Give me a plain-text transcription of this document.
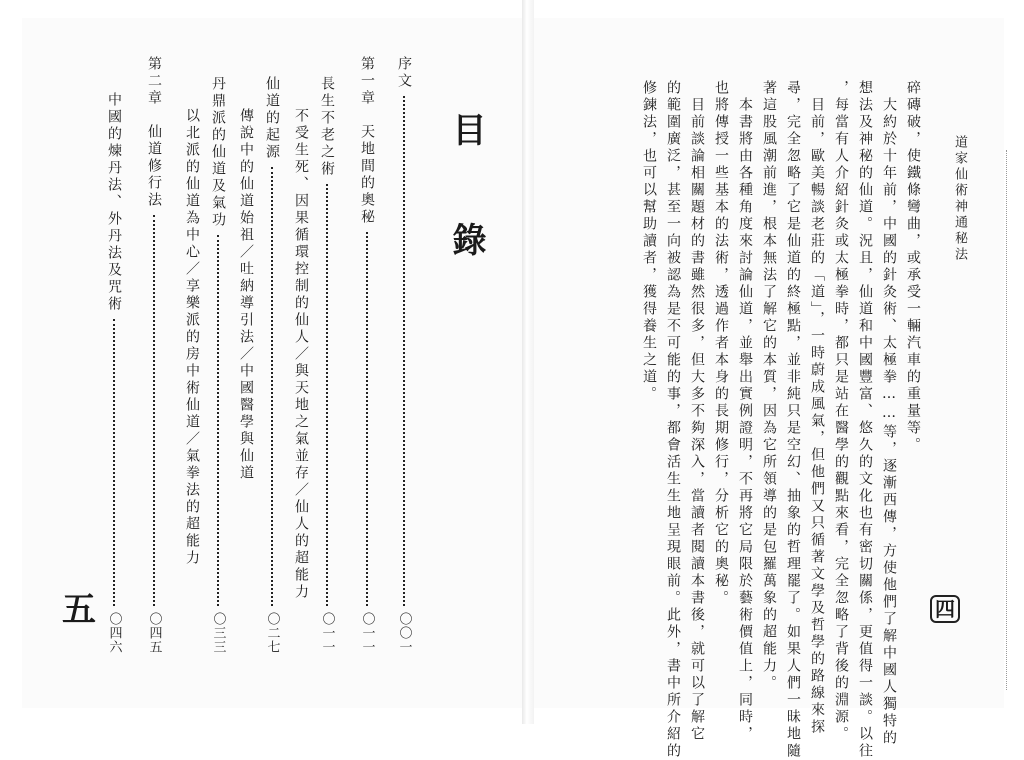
目 錄
序文
〇〇一
第一章　天地間的奧秘
〇一一
長生不老之術
〇一一
不受生死、因果循環控制的仙人／與天地之氣並存／仙人的超能力
仙道的起源
〇二七
傳說中的仙道始祖／吐納導引法／中國醫學與仙道
丹鼎派的仙道及氣功
〇三三
以北派的仙道為中心／享樂派的房中術仙道／氣拳法的超能力
第二章　仙道修行法
〇四五
中國的煉丹法、外丹法及咒術
〇四六
五
道家仙術神通秘法
碎磚破，使鐵條彎曲，或承受一輛汽車的重量等。
　大約於十年前，中國的針灸術、太極拳……等，逐漸西傳，方使他們了解中國人獨特的
想法及神秘的仙道。況且，仙道和中國豐富、悠久的文化也有密切關係，更值得一談。以往
，每當有人介紹針灸或太極拳時，都只是站在醫學的觀點來看，完全忽略了背後的淵源。
　目前，歐美暢談老莊的「道」，一時蔚成風氣，但他們又只循著文學及哲學的路線來探
尋，完全忽略了它是仙道的終極點，並非純只是空幻、抽象的哲理罷了。如果人們一昧地隨
著這股風潮前進，根本無法了解它的本質，因為它所領導的是包羅萬象的超能力。
　本書將由各種角度來討論仙道，並舉出實例證明，不再將它局限於藝術價值上，同時，
也將傳授一些基本的法術，透過作者本身的長期修行，分析它的奧秘。
　目前談論相關題材的書雖然很多，但大多不夠深入，當讀者閱讀本書後，就可以了解它
的範圍廣泛，甚至一向被認為是不可能的事，都會活生生地呈現眼前。此外，書中所介紹的
修鍊法，也可以幫助讀者，獲得養生之道。
四
